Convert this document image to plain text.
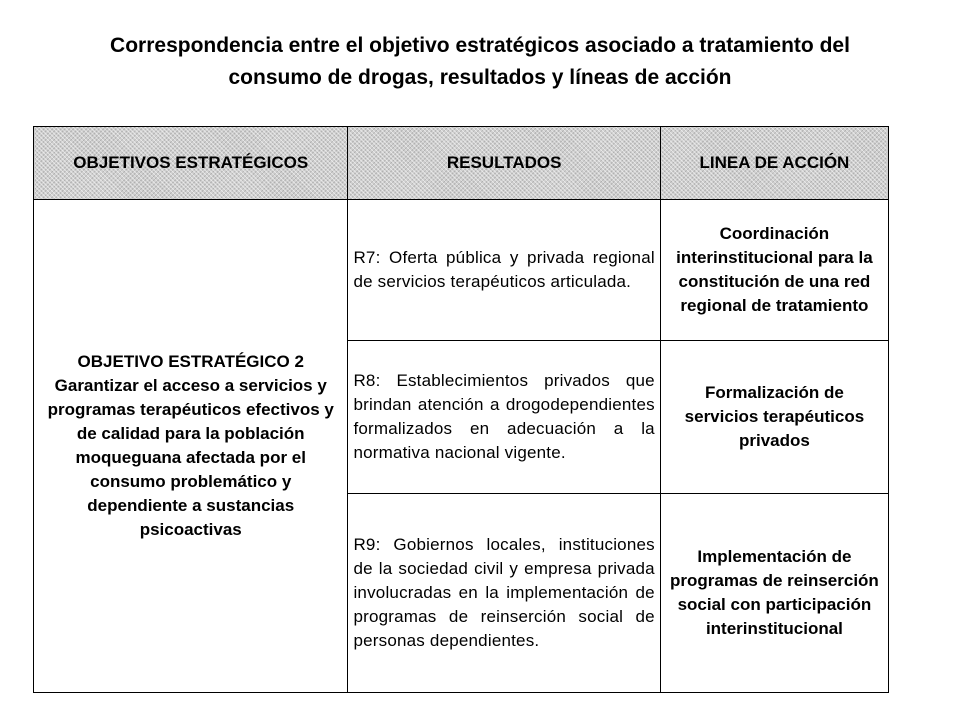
Correspondencia entre el objetivo estratégicos asociado a tratamiento del
consumo de drogas, resultados y líneas de acción
OBJETIVOS ESTRATÉGICOS	RESULTADOS	LINEA DE ACCIÓN

OBJETIVO ESTRATÉGICO 2
Garantizar el acceso a servicios y programas terapéuticos efectivos y de calidad para la población moqueguana afectada por el consumo problemático y dependiente a sustancias psicoactivas	R7: Oferta pública y privada regional de servicios terapéuticos articulada.	Coordinación interinstitucional para la constitución de una red regional de tratamiento
	R8: Establecimientos privados que brindan atención a drogodependientes formalizados en adecuación a la normativa nacional vigente.	Formalización de servicios terapéuticos privados
	R9: Gobiernos locales, instituciones de la sociedad civil y empresa privada involucradas en la implementación de programas de reinserción social de personas dependientes.	Implementación de programas de reinserción social con participación interinstitucional
